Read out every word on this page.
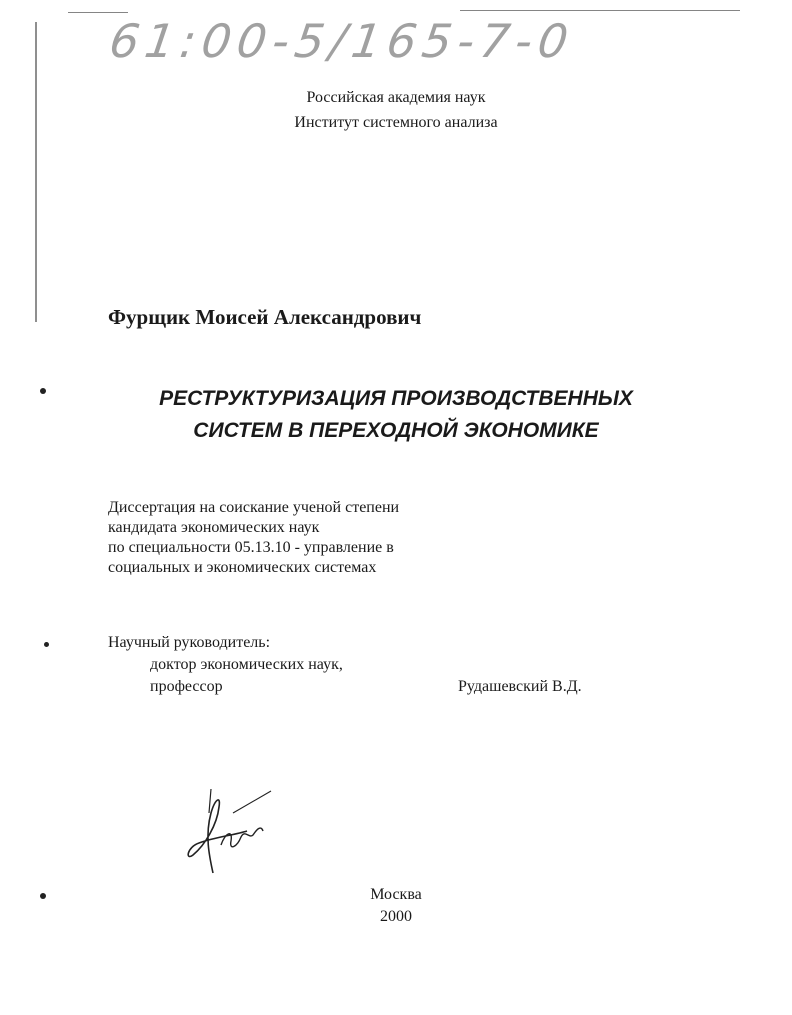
61:00-5/165-7-0
Российская академия наук
Институт системного анализа
Фурщик Моисей Александрович
РЕСТРУКТУРИЗАЦИЯ ПРОИЗВОДСТВЕННЫХ
СИСТЕМ В ПЕРЕХОДНОЙ ЭКОНОМИКЕ
Диссертация на соискание ученой степени
кандидата экономических наук
по специальности 05.13.10 - управление в
социальных и экономических системах
Научный руководитель:
доктор экономических наук,
профессор	Рудашевский В.Д.
Москва
2000
